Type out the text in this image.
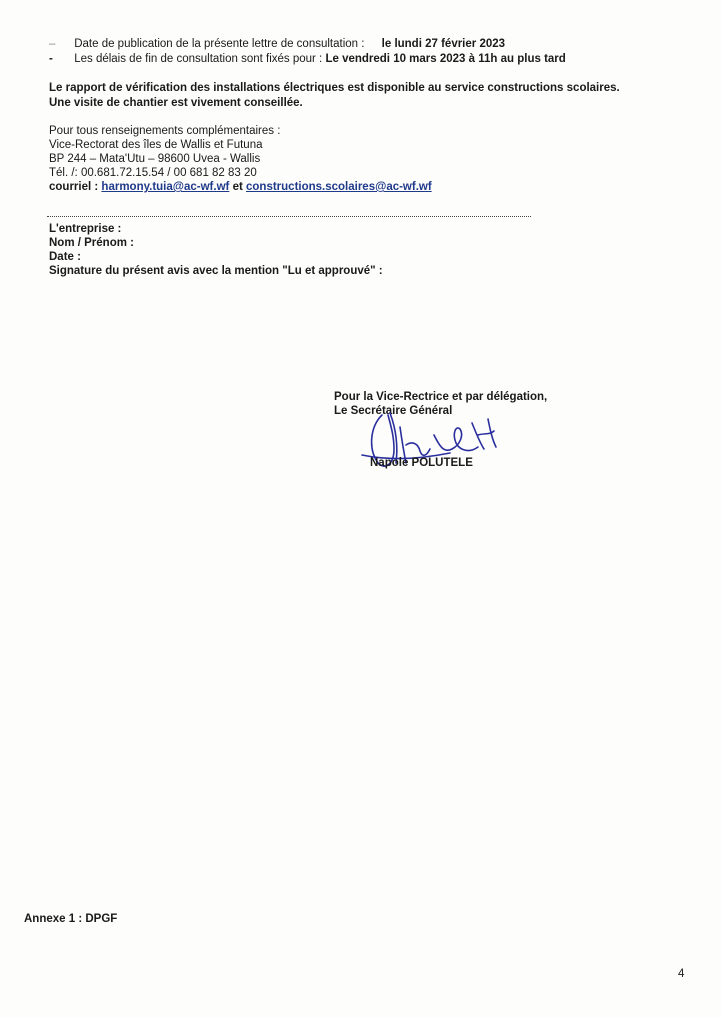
– Date de publication de la présente lettre de consultation : le lundi 27 février 2023
- Les délais de fin de consultation sont fixés pour : Le vendredi 10 mars 2023 à 11h au plus tard
Le rapport de vérification des installations électriques est disponible au service constructions scolaires.
Une visite de chantier est vivement conseillée.
Pour tous renseignements complémentaires :
Vice-Rectorat des îles de Wallis et Futuna
BP 244 – Mata'Utu – 98600 Uvea - Wallis
Tél. /: 00.681.72.15.54 / 00 681 82 83 20
courriel : harmony.tuia@ac-wf.wf et constructions.scolaires@ac-wf.wf
L'entreprise :
Nom / Prénom :
Date :
Signature du présent avis avec la mention "Lu et approuvé" :
Pour la Vice-Rectrice et par délégation,
Le Secrétaire Général
Napole POLUTELE
Annexe 1 : DPGF
4
